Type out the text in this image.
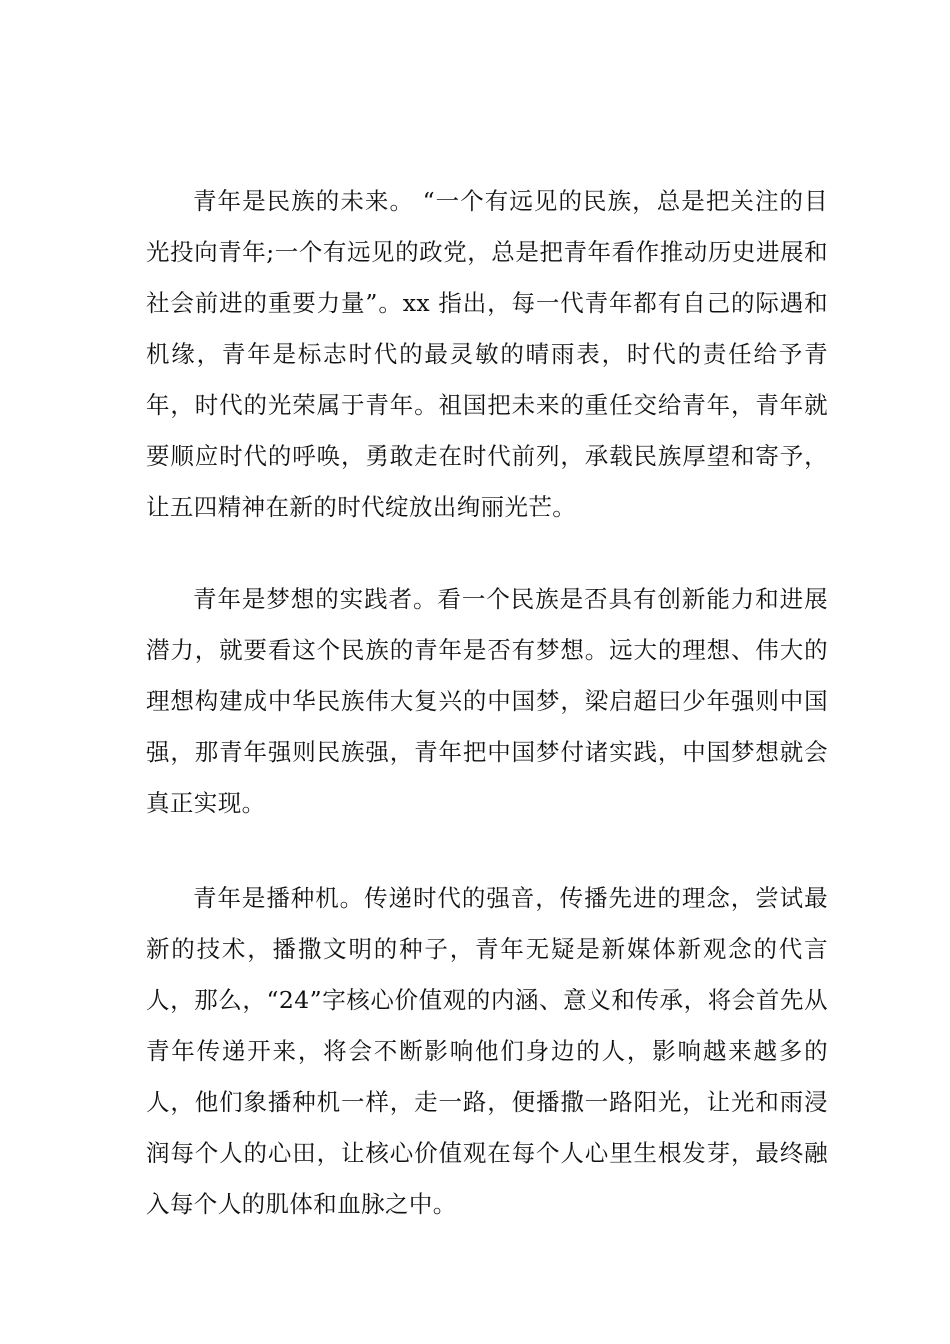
青年是民族的未来。 “一个有远见的民族，总是把关注的目光投向青年;一个有远见的政党，总是把青年看作推动历史进展和社会前进的重要力量”。xx 指出，每一代青年都有自己的际遇和机缘，青年是标志时代的最灵敏的晴雨表，时代的责任给予青年，时代的光荣属于青年。祖国把未来的重任交给青年，青年就要顺应时代的呼唤，勇敢走在时代前列，承载民族厚望和寄予，让五四精神在新的时代绽放出绚丽光芒。

青年是梦想的实践者。看一个民族是否具有创新能力和进展潜力，就要看这个民族的青年是否有梦想。远大的理想、伟大的理想构建成中华民族伟大复兴的中国梦，梁启超曰少年强则中国强，那青年强则民族强，青年把中国梦付诸实践，中国梦想就会真正实现。

青年是播种机。传递时代的强音，传播先进的理念，尝试最新的技术，播撒文明的种子，青年无疑是新媒体新观念的代言人，那么，“24”字核心价值观的内涵、意义和传承，将会首先从青年传递开来，将会不断影响他们身边的人，影响越来越多的人，他们象播种机一样，走一路，便播撒一路阳光，让光和雨浸润每个人的心田，让核心价值观在每个人心里生根发芽，最终融入每个人的肌体和血脉之中。
